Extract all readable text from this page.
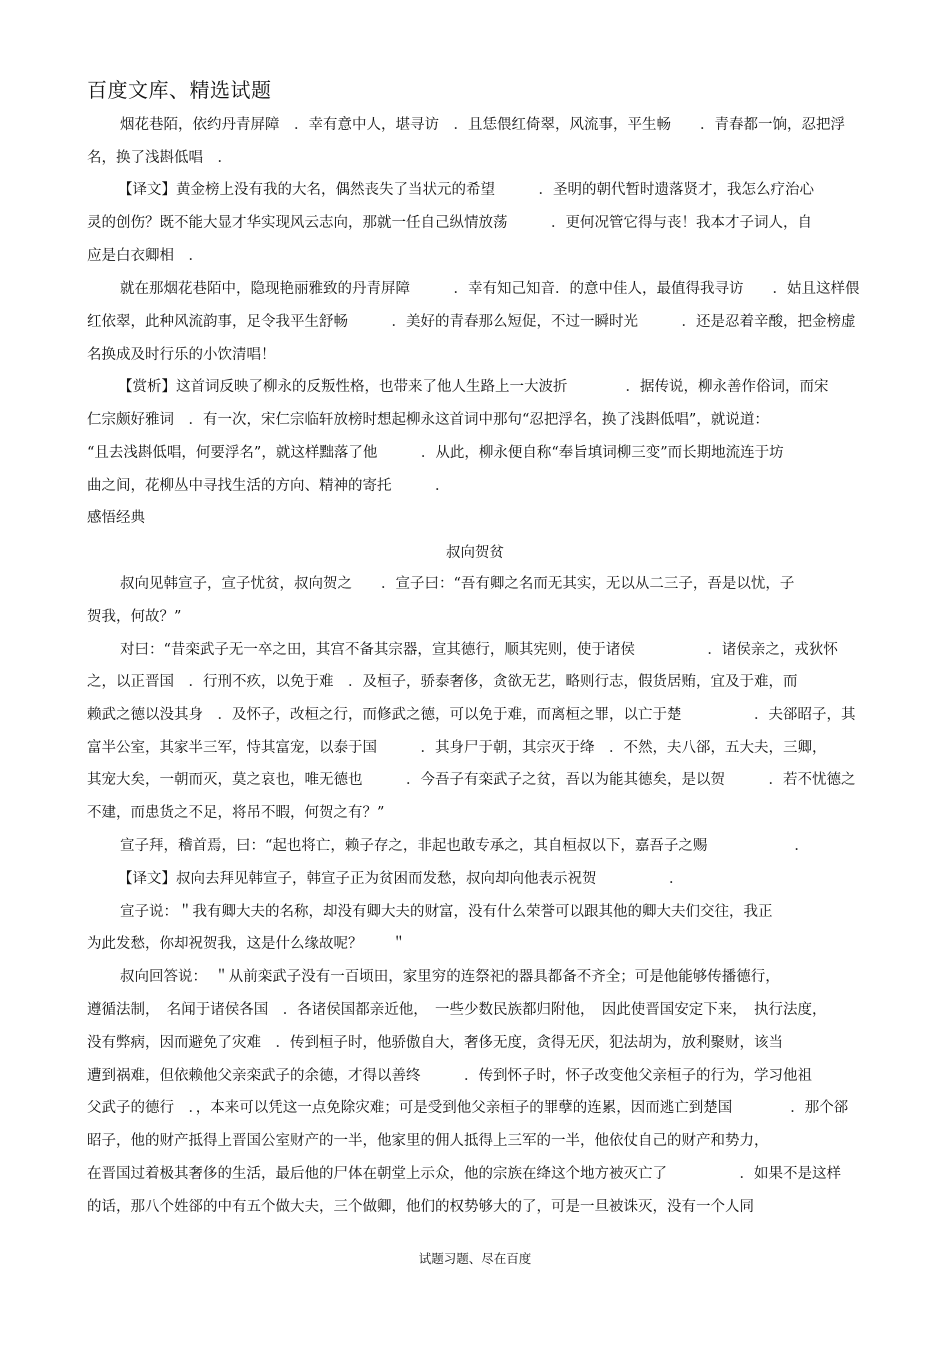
百度文库、精选试题
烟花巷陌，依约丹青屏障　．幸有意中人，堪寻访　．且恁偎红倚翠，风流事，平生畅　　．青春都一饷，忍把浮
名，换了浅斟低唱　．
【译文】黄金榜上没有我的大名，偶然丧失了当状元的希望　　　．圣明的朝代暂时遗落贤才，我怎么疗治心
灵的创伤？既不能大显才华实现风云志向，那就一任自己纵情放荡　　　．更何况管它得与丧！我本才子词人，自
应是白衣卿相　．
就在那烟花巷陌中，隐现艳丽雅致的丹青屏障　　　．幸有知己知音．的意中佳人，最值得我寻访　　．姑且这样偎
红依翠，此种风流韵事，足令我平生舒畅　　　．美好的青春那么短促，不过一瞬时光　　　．还是忍着辛酸，把金榜虚
名换成及时行乐的小饮清唱！
【赏析】这首词反映了柳永的反叛性格，也带来了他人生路上一大波折　　　　．据传说，柳永善作俗词，而宋
仁宗颇好雅词　．有一次，宋仁宗临轩放榜时想起柳永这首词中那句“忍把浮名，换了浅斟低唱”，就说道：
“且去浅斟低唱，何要浮名”，就这样黜落了他　　　．从此，柳永便自称“奉旨填词柳三变”而长期地流连于坊
曲之间，花柳丛中寻找生活的方向、精神的寄托　　　．
感悟经典
叔向贺贫
叔向见韩宣子，宣子忧贫，叔向贺之　　．宣子曰：“吾有卿之名而无其实，无以从二三子，吾是以忧，子
贺我，何故？”
对曰：“昔栾武子无一卒之田，其宫不备其宗器，宣其德行，顺其宪则，使于诸侯　　　　　．诸侯亲之，戎狄怀
之，以正晋国　．行刑不疚，以免于难　．及桓子，骄泰奢侈，贪欲无艺，略则行志，假货居贿，宜及于难，而
赖武之德以没其身　．及怀子，改桓之行，而修武之德，可以免于难，而离桓之罪，以亡于楚　　　　　．夫郤昭子，其
富半公室，其家半三军，恃其富宠，以泰于国　　　．其身尸于朝，其宗灭于绛　．不然，夫八郤，五大夫，三卿，
其宠大矣，一朝而灭，莫之哀也，唯无德也　　　．今吾子有栾武子之贫，吾以为能其德矣，是以贺　　　．若不忧德之
不建，而患货之不足，将吊不暇，何贺之有？”
宣子拜，稽首焉，曰：“起也将亡，赖子存之，非起也敢专承之，其自桓叔以下，嘉吾子之赐　　　　　　．
【译文】叔向去拜见韩宣子，韩宣子正为贫困而发愁，叔向却向他表示祝贺　　　　　．
宣子说：＂我有卿大夫的名称，却没有卿大夫的财富，没有什么荣誉可以跟其他的卿大夫们交往，我正
为此发愁，你却祝贺我，这是什么缘故呢？　　＂
叔向回答说：　＂从前栾武子没有一百顷田，家里穷的连祭祀的器具都备不齐全；可是他能够传播德行，
遵循法制，　名闻于诸侯各国　．各诸侯国都亲近他，　一些少数民族都归附他，　因此使晋国安定下来，　执行法度，
没有弊病，因而避免了灾难　．传到桓子时，他骄傲自大，奢侈无度，贪得无厌，犯法胡为，放利聚财，该当
遭到祸难，但依赖他父亲栾武子的余德，才得以善终　　　．传到怀子时，怀子改变他父亲桓子的行为，学习他祖
父武子的德行　．，本来可以凭这一点免除灾难；可是受到他父亲桓子的罪孽的连累，因而逃亡到楚国　　　　．那个郤
昭子，他的财产抵得上晋国公室财产的一半，他家里的佣人抵得上三军的一半，他依仗自己的财产和势力，
在晋国过着极其奢侈的生活，最后他的尸体在朝堂上示众，他的宗族在绛这个地方被灭亡了　　　　　．如果不是这样
的话，那八个姓郤的中有五个做大夫，三个做卿，他们的权势够大的了，可是一旦被诛灭，没有一个人同
试题习题、尽在百度
